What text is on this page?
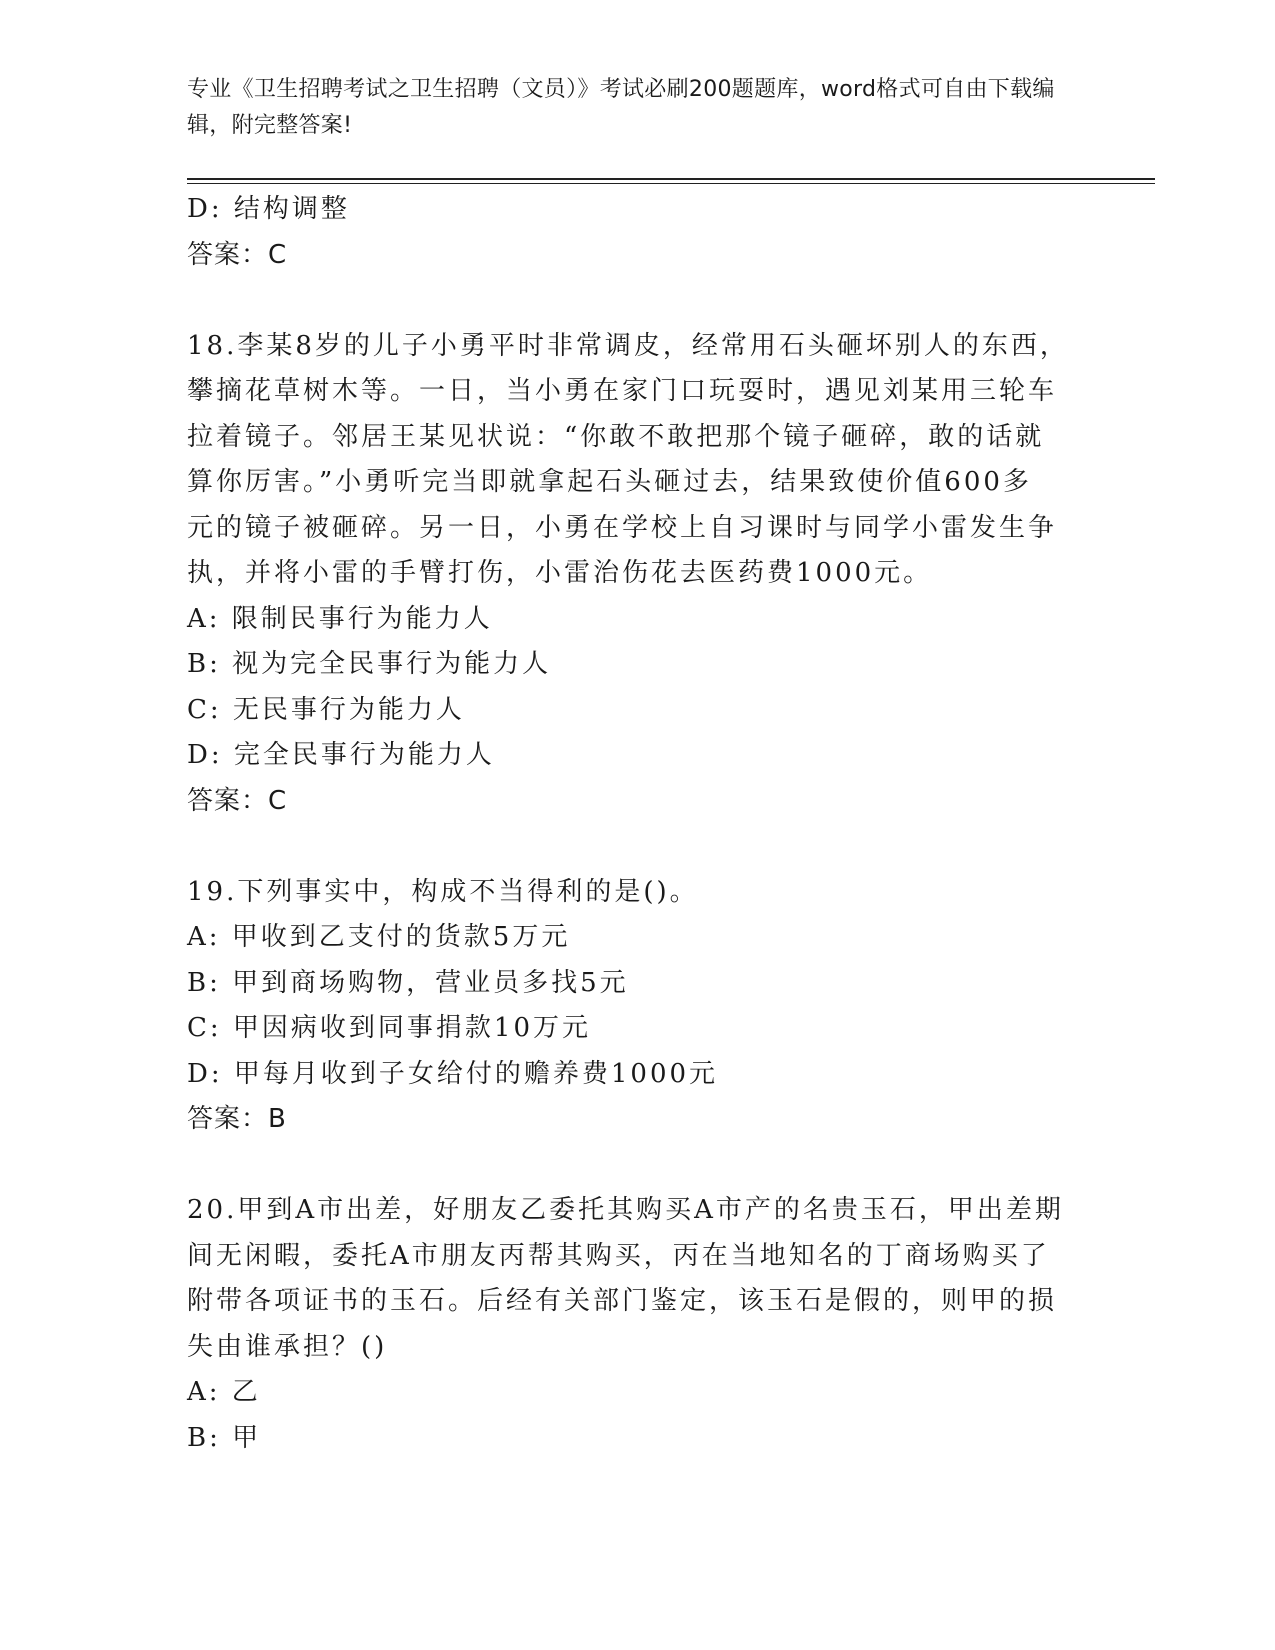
专业《卫生招聘考试之卫生招聘（文员）》考试必刷200题题库，word格式可自由下载编辑，附完整答案!
D: 结构调整
答案：C
18.李某8岁的儿子小勇平时非常调皮，经常用石头砸坏别人的东西，
攀摘花草树木等。一日，当小勇在家门口玩耍时，遇见刘某用三轮车
拉着镜子。邻居王某见状说：“你敢不敢把那个镜子砸碎，敢的话就
算你厉害。”小勇听完当即就拿起石头砸过去，结果致使价值600多
元的镜子被砸碎。另一日，小勇在学校上自习课时与同学小雷发生争
执，并将小雷的手臂打伤，小雷治伤花去医药费1000元。
A: 限制民事行为能力人
B: 视为完全民事行为能力人
C: 无民事行为能力人
D: 完全民事行为能力人
答案：C
19.下列事实中，构成不当得利的是()。
A: 甲收到乙支付的货款5万元
B: 甲到商场购物，营业员多找5元
C: 甲因病收到同事捐款10万元
D: 甲每月收到子女给付的赡养费1000元
答案：B
20.甲到A市出差，好朋友乙委托其购买A市产的名贵玉石，甲出差期
间无闲暇，委托A市朋友丙帮其购买，丙在当地知名的丁商场购买了
附带各项证书的玉石。后经有关部门鉴定，该玉石是假的，则甲的损
失由谁承担？()
A: 乙
B: 甲
